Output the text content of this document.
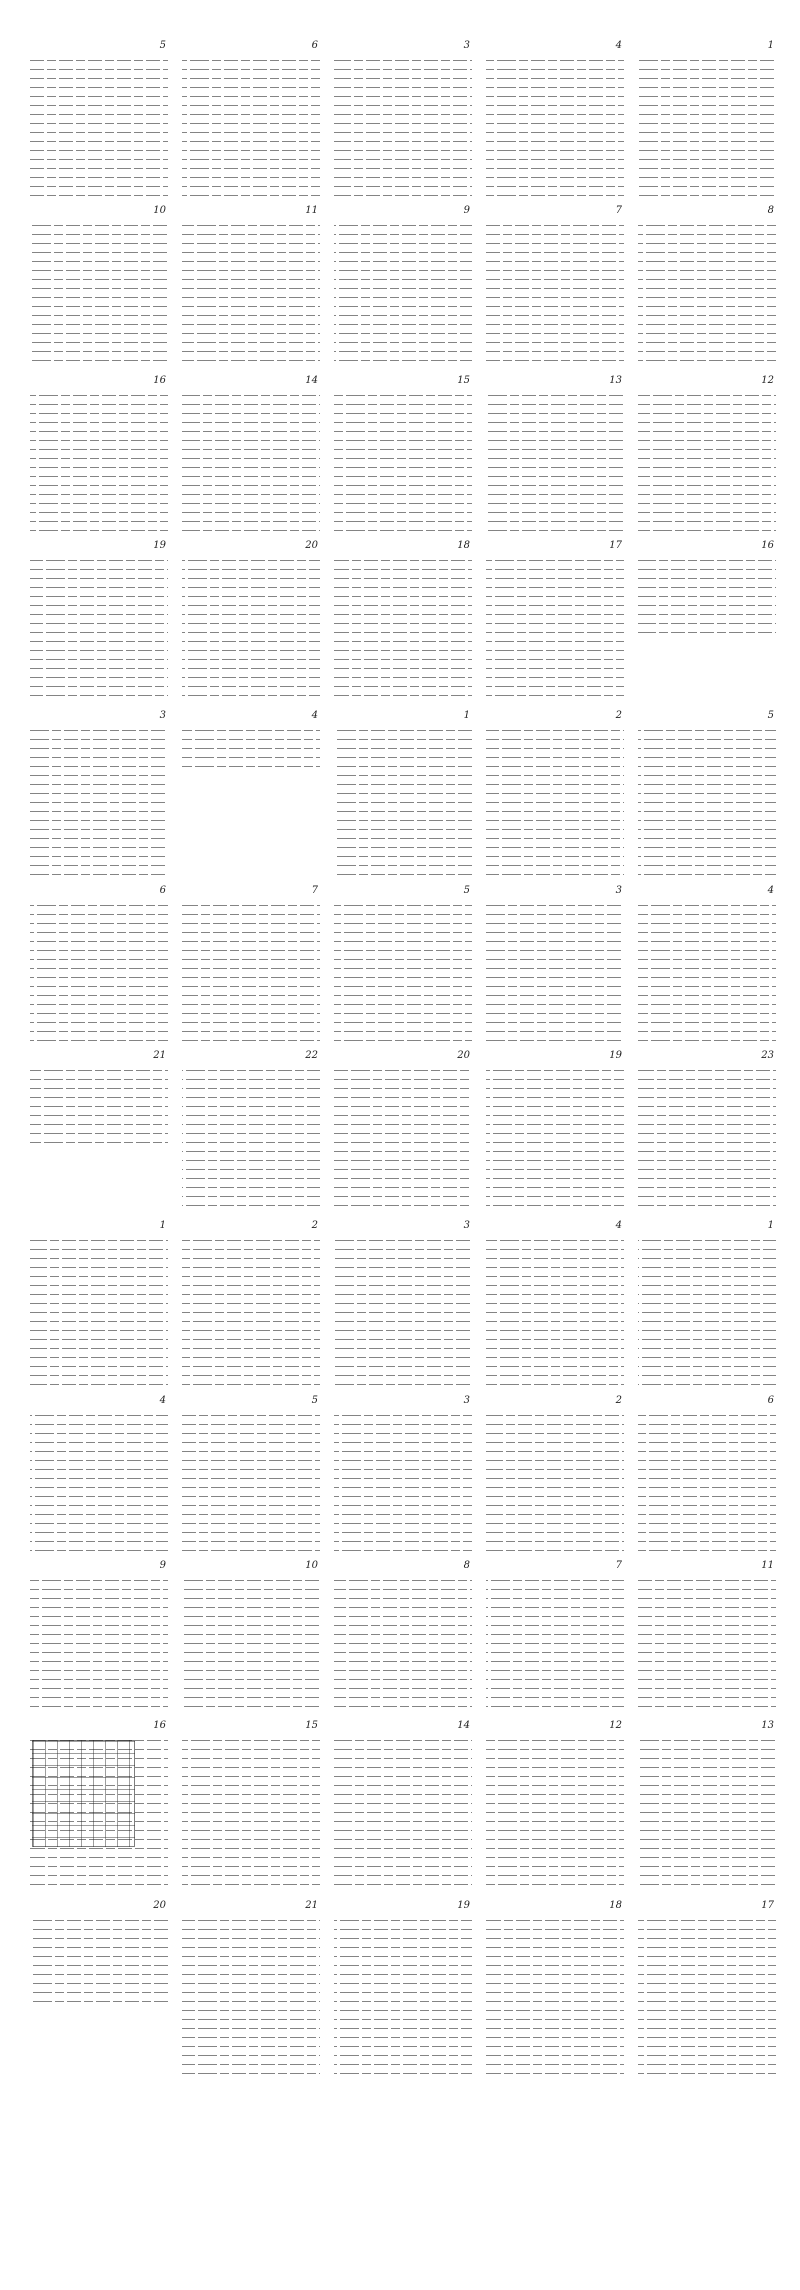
5	6	3	4	1
10	11	9	7	8
16	14	15	13	12
19	20	18	17	16
3	4	1	2	5
6	7	5	3	4
21	22	20	19	23
1	2	3	4	1
4	5	3	2	6
9	10	8	7	11
16	15	14	12	13
20	21	19	18	17
